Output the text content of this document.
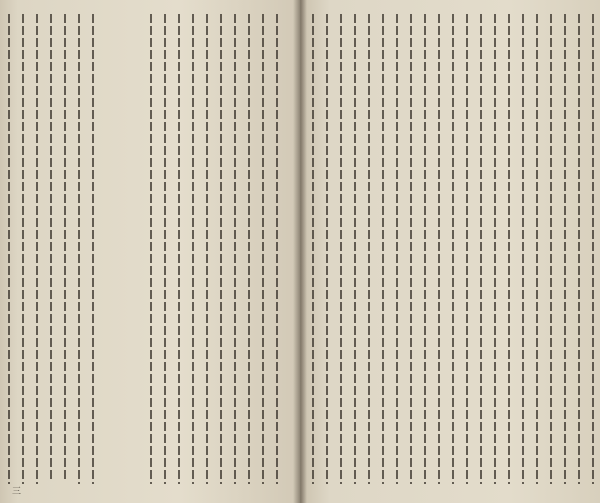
三
